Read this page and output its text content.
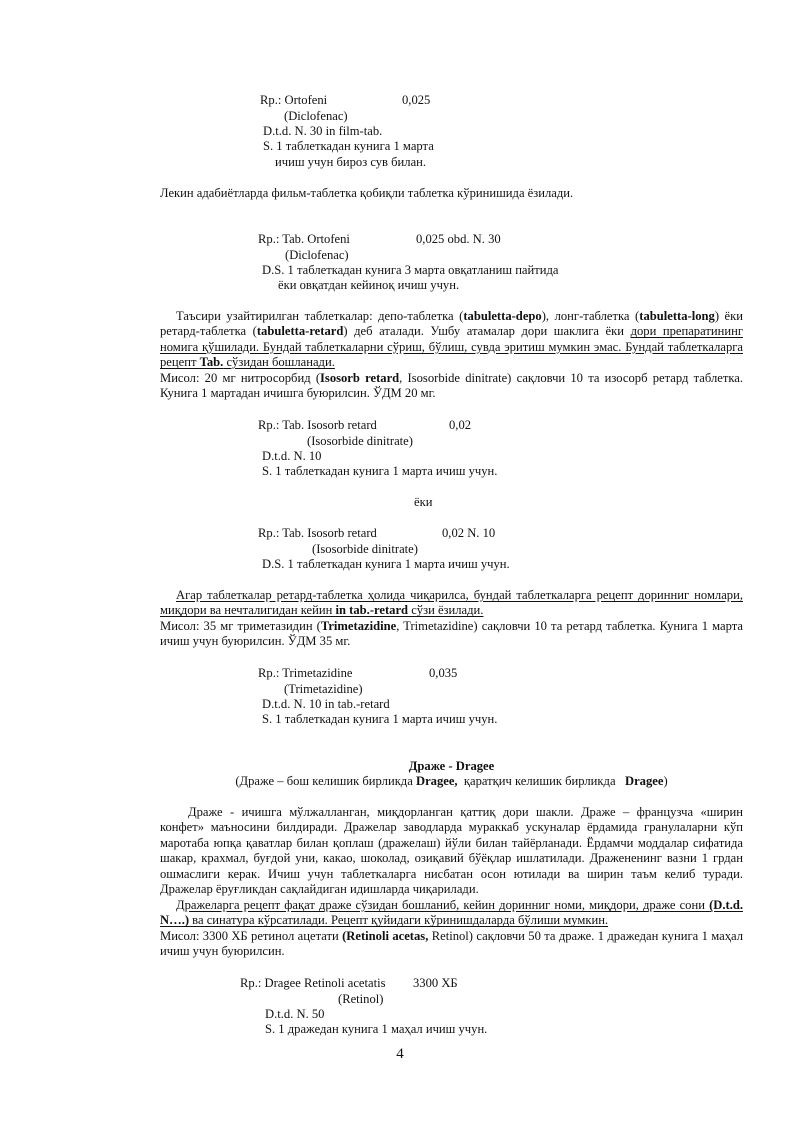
Rp.: Ortofeni	0,025
(Diclofenac)
D.t.d. N. 30 in film-tab.
S. 1 таблеткадан кунига 1 марта
ичиш учун бироз сув билан.
Лекин адабиётларда фильм-таблетка қобиқли таблетка кўринишида ёзилади.
Rp.: Tab. Ortofeni	0,025 obd. N. 30
(Diclofenac)
D.S. 1 таблеткадан кунига 3 марта овқатланиш пайтида
ёки овқатдан кейиноқ ичиш учун.
Таъсири узайтирилган таблеткалар: депо-таблетка (tabuletta-depo), лонг-таблетка (tabuletta-long) ёки ретард-таблетка (tabuletta-retard) деб аталади. Ушбу атамалар дори шаклига ёки дори препаратининг номига қўшилади. Бундай таблеткаларни сўриш, бўлиш, сувда эритиш мумкин эмас. Бундай таблеткаларга рецепт Tab. сўзидан бошланади.
Мисол: 20 мг нитросорбид (Isosorb retard, Isosorbide dinitrate) сақловчи 10 та изосорб ретард таблетка. Кунига 1 мартадан ичишга буюрилсин. ЎДМ 20 мг.
Rp.: Tab. Isosorb retard	0,02
(Isosorbide dinitrate)
D.t.d. N. 10
S. 1 таблеткадан кунига 1 марта ичиш учун.
ёки
Rp.: Tab. Isosorb retard	0,02 N. 10
(Isosorbide dinitrate)
D.S. 1 таблеткадан кунига 1 марта ичиш учун.
Агар таблеткалар ретард-таблетка ҳолида чиқарилса, бундай таблеткаларга рецепт доринниг номлари, миқдори ва нечталигидан кейин in tab.-retard сўзи ёзилади.
Мисол: 35 мг триметазидин (Trimetazidine, Trimetazidine) сақловчи 10 та ретард таблетка. Кунига 1 марта ичиш учун буюрилсин. ЎДМ 35 мг.
Rp.: Trimetazidine	0,035
(Trimetazidine)
D.t.d. N. 10 in tab.-retard
S. 1 таблеткадан кунига 1 марта ичиш учун.
Драже - Dragee
(Драже – бош келишик бирликда Dragee,  қаратқич келишик бирликда   Dragee)
Драже - ичишга мўлжалланган, миқдорланган қаттиқ дори шакли. Драже – французча «ширин конфет» маъносини билдиради. Дражелар заводларда мураккаб ускуналар ёрдамида гранулаларни кўп маротаба юпқа қаватлар билан қоплаш (дражелаш) йўли билан тайёрланади. Ёрдамчи моддалар сифатида шакар, крахмал, буғдой уни, какао, шоколад, озиқавий бўёқлар ишлатилади. Дражененинг вазни 1 грдан ошмаслиги керак. Ичиш учун таблеткаларга нисбатан осон ютилади ва ширин таъм келиб туради. Дражелар ёруғликдан сақлайдиган идишларда чиқарилади.
Дражеларга рецепт фақат драже сўзидан бошланиб, кейин доринниг номи, миқдори, драже сони (D.t.d. N….) ва синатура кўрсатилади. Рецепт қуйидаги кўринишдаларда бўлиши мумкин.
Мисол: 3300 ХБ ретинол ацетати (Retinoli acetas, Retinol) сақловчи 50 та драже. 1 дражедан кунига 1 маҳал ичиш учун буюрилсин.
Rp.: Dragee Retinoli acetatis 3300 ХБ
(Retinol)
D.t.d. N. 50
S. 1 дражедан кунига 1 маҳал ичиш учун.
4
